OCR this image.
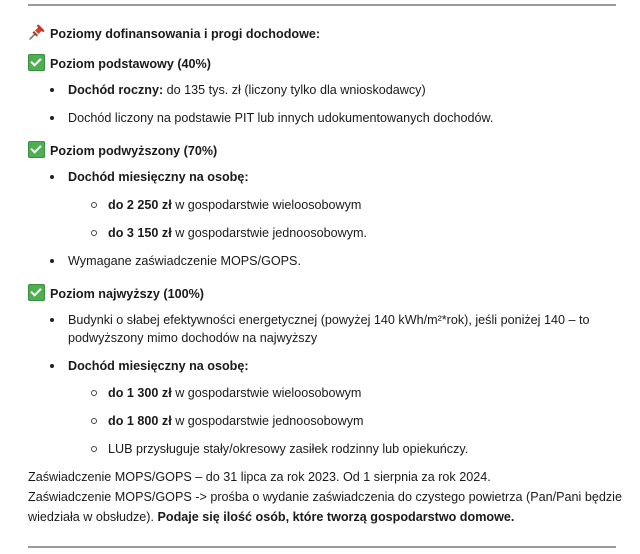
Poziomy dofinansowania i progi dochodowe:
Poziom podstawowy (40%)
Dochód roczny: do 135 tys. zł (liczony tylko dla wnioskodawcy)
Dochód liczony na podstawie PIT lub innych udokumentowanych dochodów.
Poziom podwyższony (70%)
Dochód miesięczny na osobę:
do 2 250 zł w gospodarstwie wieloosobowym
do 3 150 zł w gospodarstwie jednoosobowym.
Wymagane zaświadczenie MOPS/GOPS.
Poziom najwyższy (100%)
Budynki o słabej efektywności energetycznej (powyżej 140 kWh/m²*rok), jeśli poniżej 140 – to
podwyższony mimo dochodów na najwyższy
Dochód miesięczny na osobę:
do 1 300 zł w gospodarstwie wieloosobowym
do 1 800 zł w gospodarstwie jednoosobowym
LUB przysługuje stały/okresowy zasiłek rodzinny lub opiekuńczy.
Zaświadczenie MOPS/GOPS – do 31 lipca za rok 2023. Od 1 sierpnia za rok 2024.
Zaświadczenie MOPS/GOPS -> prośba o wydanie zaświadczenia do czystego powietrza (Pan/Pani będzie
wiedziała w obsłudze). Podaje się ilość osób, które tworzą gospodarstwo domowe.
